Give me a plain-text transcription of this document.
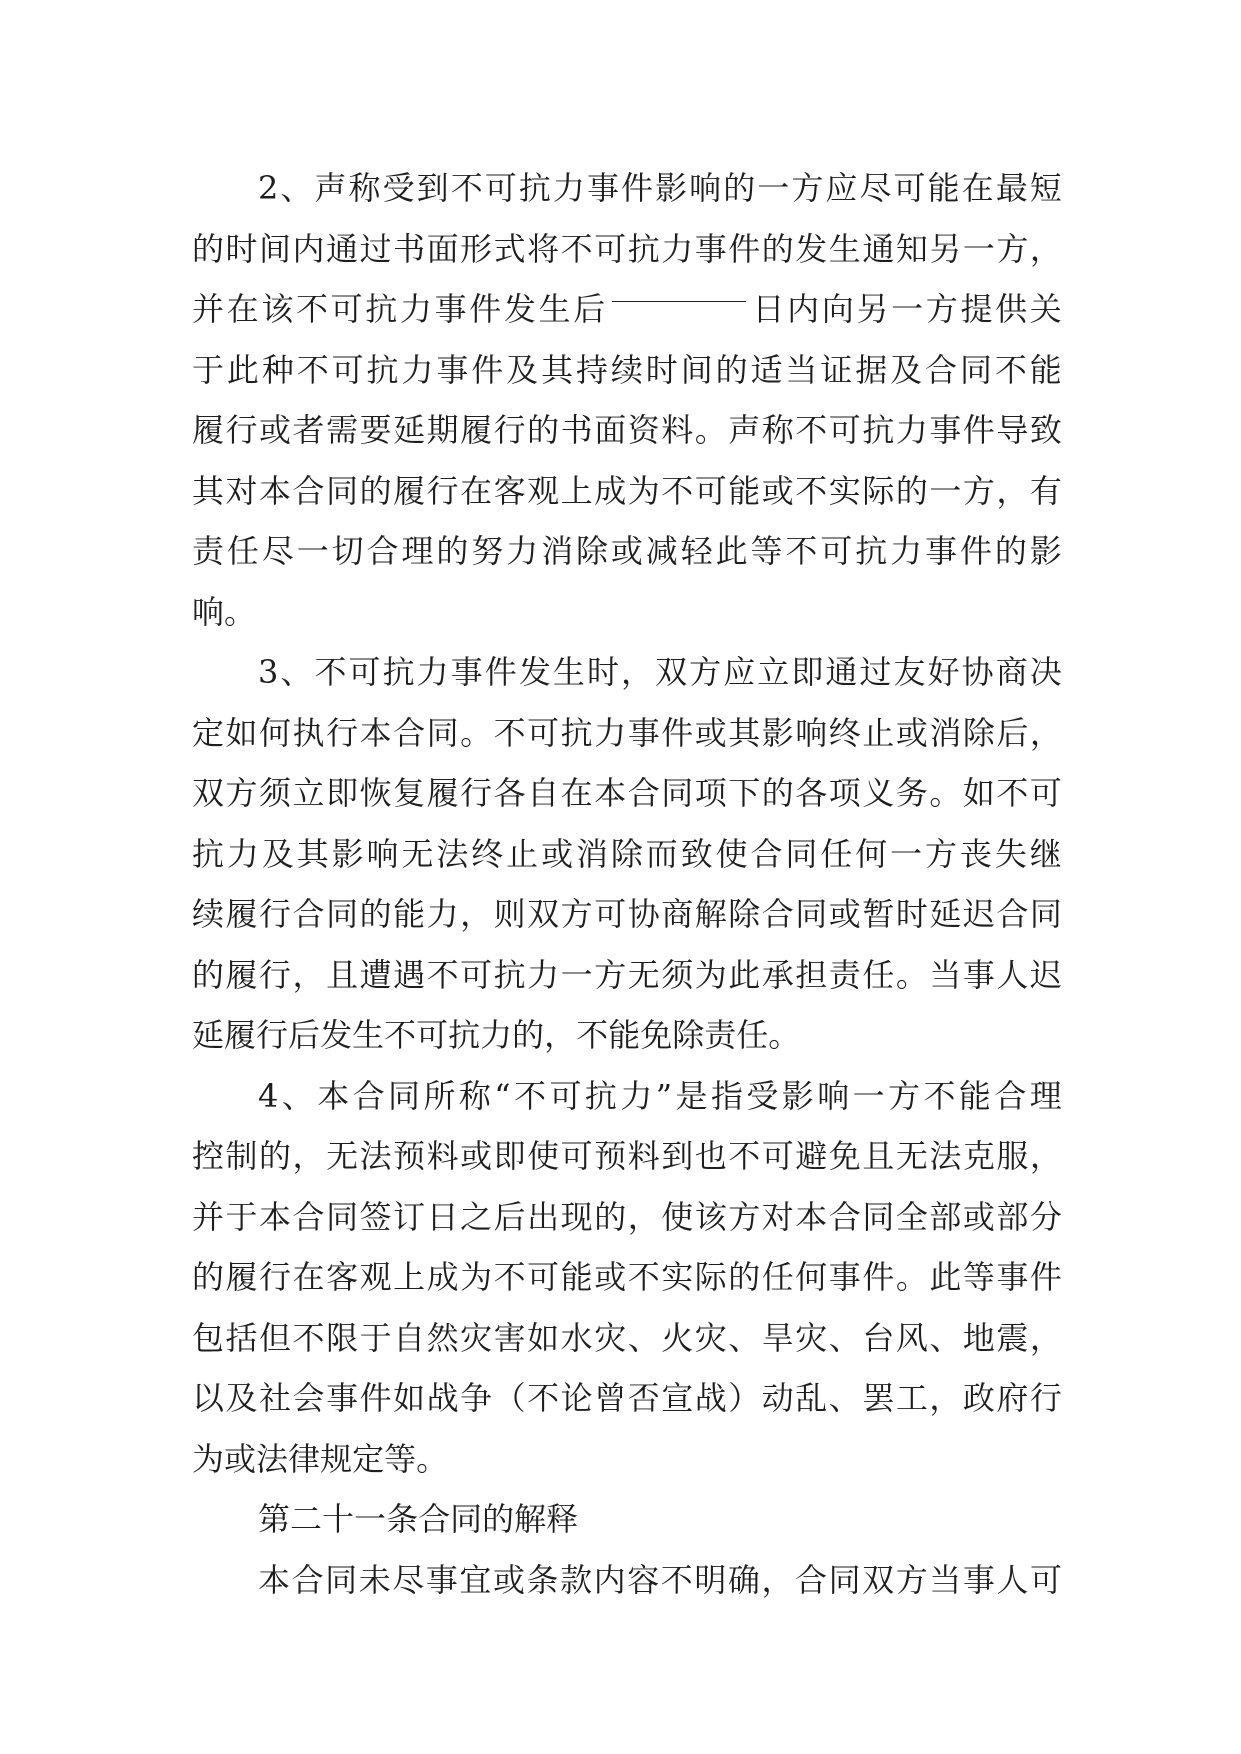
2 、 声 称 受 到 不 可 抗 力 事 件 影 响 的 一 方 应 尽 可 能 在 最 短
的 时 间 内 通 过 书 面 形 式 将 不 可 抗 力 事 件 的 发 生 通 知 另 一 方 ，
并 在 该 不 可 抗 力 事 件 发 生 后	日 内 向 另 一 方 提 供 关
于 此 种 不 可 抗 力 事 件 及 其 持 续 时 间 的 适 当 证 据 及 合 同 不 能
履 行 或 者 需 要 延 期 履 行 的 书 面 资 料 。 声 称 不 可 抗 力 事 件 导 致
其 对 本 合 同 的 履 行 在 客 观 上 成 为 不 可 能 或 不 实 际 的 一 方 ， 有
责 任 尽 一 切 合 理 的 努 力 消 除 或 减 轻 此 等 不 可 抗 力 事 件 的 影
响 。
3 、 不 可 抗 力 事 件 发 生 时 ， 双 方 应 立 即 通 过 友 好 协 商 决
定 如 何 执 行 本 合 同 。 不 可 抗 力 事 件 或 其 影 响 终 止 或 消 除 后 ，
双 方 须 立 即 恢 复 履 行 各 自 在 本 合 同 项 下 的 各 项 义 务 。 如 不 可
抗 力 及 其 影 响 无 法 终 止 或 消 除 而 致 使 合 同 任 何 一 方 丧 失 继
续 履 行 合 同 的 能 力 ， 则 双 方 可 协 商 解 除 合 同 或 暂 时 延 迟 合 同
的 履 行 ， 且 遭 遇 不 可 抗 力 一 方 无 须 为 此 承 担 责 任 。 当 事 人 迟
延 履 行 后 发 生 不 可 抗 力 的 ， 不 能 免 除 责 任 。
4 、 本 合 同 所 称 “ 不 可 抗 力 ” 是 指 受 影 响 一 方 不 能 合 理
控 制 的 ， 无 法 预 料 或 即 使 可 预 料 到 也 不 可 避 免 且 无 法 克 服 ，
并 于 本 合 同 签 订 日 之 后 出 现 的 ， 使 该 方 对 本 合 同 全 部 或 部 分
的 履 行 在 客 观 上 成 为 不 可 能 或 不 实 际 的 任 何 事 件 。 此 等 事 件
包 括 但 不 限 于 自 然 灾 害 如 水 灾 、 火 灾 、 旱 灾 、 台 风 、 地 震 ，
以 及 社 会 事 件 如 战 争 （ 不 论 曾 否 宣 战 ） 动 乱 、 罢 工 ， 政 府 行
为 或 法 律 规 定 等 。
第 二 十 一 条 合 同 的 解 释
本 合 同 未 尽 事 宜 或 条 款 内 容 不 明 确 ， 合 同 双 方 当 事 人 可
